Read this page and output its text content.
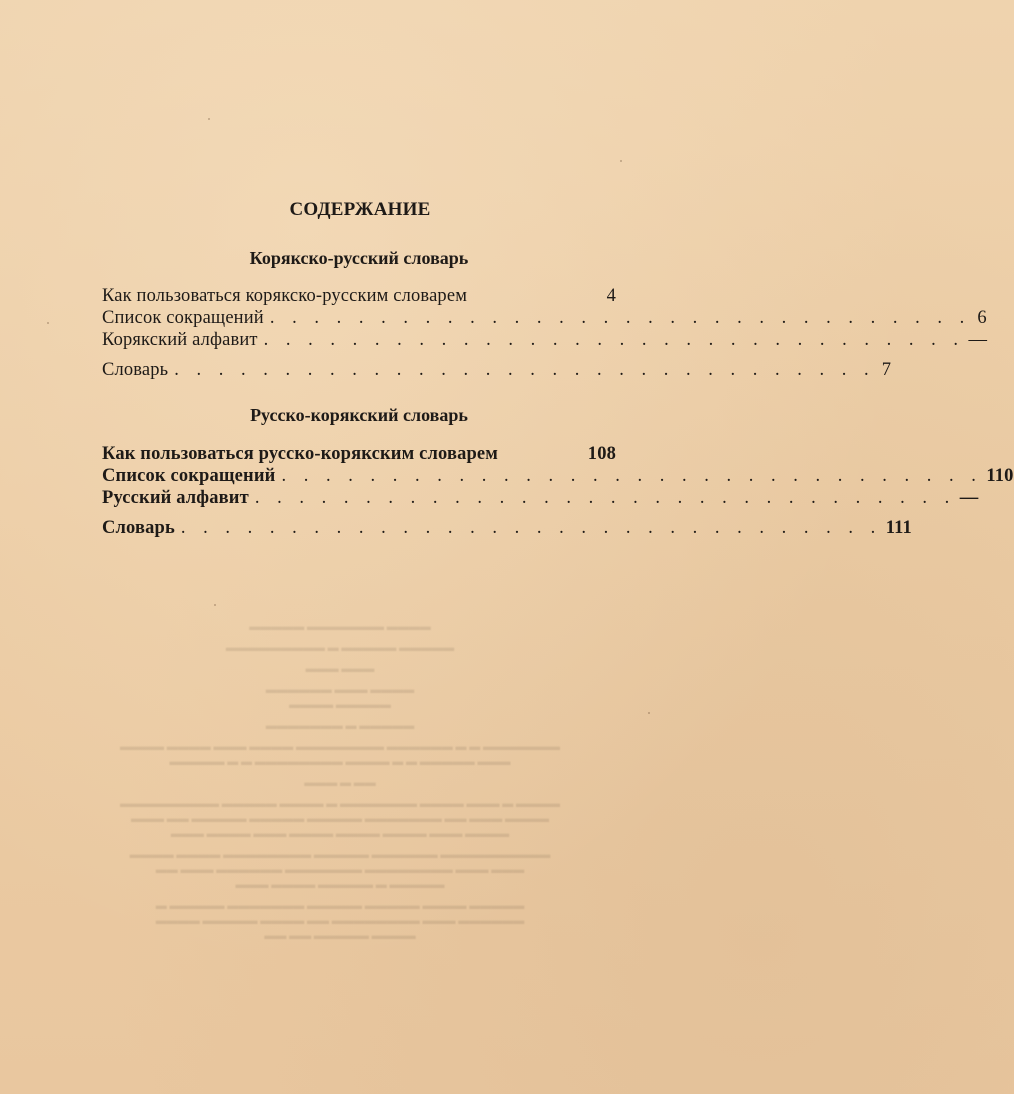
СОДЕРЖАНИЕ
Корякско-русский словарь
Как пользоваться корякско-русским словарем	4
Список сокращений . . . . . . . . . . . . . . . . . . . . . . . . . . . . . . . . 6
Корякский алфавит . . . . . . . . . . . . . . . . . . . . . . . . . . . . . . . . —
Словарь . . . . . . . . . . . . . . . . . . . . . . . . . . . . . . . . 7
Русско-корякский словарь
Как пользоваться русско-корякским словарем	108
Список сокращений . . . . . . . . . . . . . . . . . . . . . . . . . . . . . . . . 110
Русский алфавит . . . . . . . . . . . . . . . . . . . . . . . . . . . . . . . . —
Словарь . . . . . . . . . . . . . . . . . . . . . . . . . . . . . . . . 111

▬▬▬▬ ▬▬▬▬▬▬▬ ▬▬▬▬▬

▬▬▬▬▬ ▬▬▬▬▬ ▬ ▬▬▬▬▬▬▬▬▬

▬▬▬ ▬▬▬

▬▬▬▬ ▬▬▬ ▬▬▬▬▬▬
▬▬▬▬▬ ▬▬▬▬

▬▬▬▬▬ ▬ ▬▬▬▬▬▬▬

▬▬▬▬▬▬▬ ▬ ▬ ▬▬▬▬▬▬ ▬▬▬▬▬▬▬▬ ▬▬▬▬ ▬▬▬ ▬▬▬▬ ▬▬▬▬
▬▬▬ ▬▬▬▬▬ ▬ ▬ ▬▬▬▬ ▬▬▬▬▬▬▬▬ ▬ ▬ ▬▬▬▬▬

▬▬ ▬ ▬▬▬

▬▬▬▬ ▬ ▬▬▬ ▬▬▬▬ ▬▬▬▬▬▬▬ ▬ ▬▬▬▬ ▬▬▬▬▬ ▬▬▬▬▬▬▬▬▬
▬▬▬▬ ▬▬▬ ▬▬ ▬▬▬▬▬▬▬ ▬▬▬▬▬ ▬▬▬▬▬ ▬▬▬▬▬ ▬▬ ▬▬▬
▬▬▬▬ ▬▬▬ ▬▬▬▬ ▬▬▬▬ ▬▬▬▬ ▬▬▬ ▬▬▬▬ ▬▬▬

▬▬▬▬▬▬▬▬▬▬ ▬▬▬▬▬▬ ▬▬▬▬▬ ▬▬▬▬▬▬▬▬ ▬▬▬▬ ▬▬▬▬
▬▬▬ ▬▬▬ ▬▬▬▬▬▬▬▬ ▬▬▬▬▬▬▬ ▬▬▬▬▬▬ ▬▬▬ ▬▬
▬▬▬▬▬ ▬ ▬▬▬▬▬ ▬▬▬▬ ▬▬▬

▬▬▬▬▬ ▬▬▬▬ ▬▬▬▬▬ ▬▬▬▬▬ ▬▬▬▬▬▬▬ ▬▬▬▬▬ ▬
▬▬▬▬▬▬ ▬▬▬ ▬▬▬▬▬▬▬▬ ▬▬ ▬▬▬▬ ▬▬▬▬▬ ▬▬▬▬
▬▬▬▬ ▬▬▬▬▬ ▬▬ ▬▬
